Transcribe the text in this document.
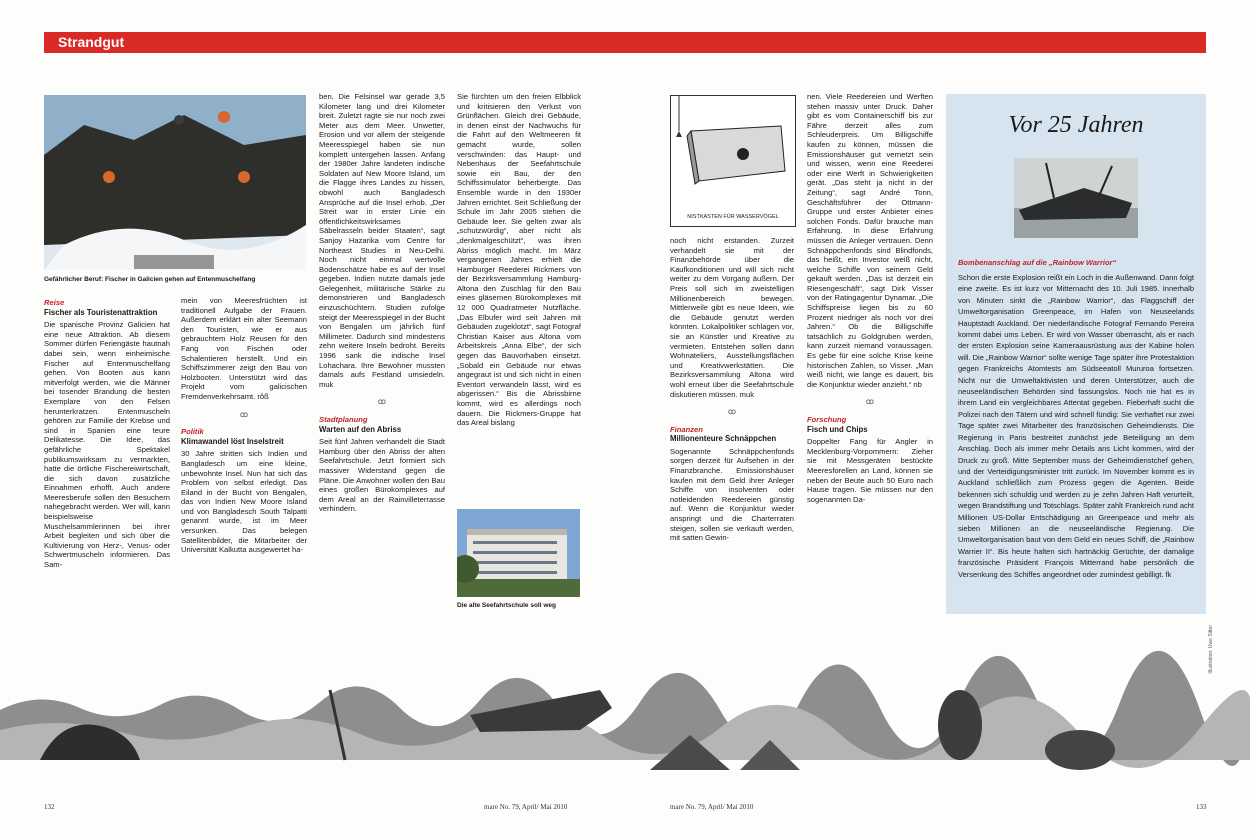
Strandgut
Gefährlicher Beruf: Fischer in Galicien gehen auf Entenmuschelfang
Reise
Fischer als Touristenattraktion

Die spanische Provinz Galicien hat eine neue Attraktion. Ab diesem Sommer dürfen Feriengäste hautnah dabei sein, wenn einheimische Fischer auf Entenmuschelfang gehen. Von Booten aus kann mitverfolgt werden, wie die Männer bei tosender Brandung die besten Exemplare von den Felsen herunterkratzen. Entenmuscheln gehören zur Familie der Krebse und sind in Spanien eine teure Delikatesse. Die Idee, das gefährliche Spektakel publikumswirksam zu vermarkten, hatte die örtliche Fischereiwirtschaft, die sich davon zusätzliche Einnahmen erhofft. Auch andere Meeresberufe sollen den Besuchern nahegebracht werden. Wer will, kann beispielsweise Muschelsammlerinnen bei ihrer Arbeit begleiten und sich über die Kultivierung von Herz-, Venus- oder Schwertmuscheln informieren. Das Sam-

mein von Meeresfrüchten ist traditionell Aufgabe der Frauen. Außerdem erklärt ein alter Seemann den Touristen, wie er aus gebrauchtem Holz Reusen für den Fang von Fischen oder Schalentieren herstellt. Und ein Schiffszimmerer zeigt den Bau von Holzbooten. Unterstützt wird das Projekt vom galicischen Fremdenverkehrsamt. rôß

ꝏ
Politik
Klimawandel löst Inselstreit

30 Jahre stritten sich Indien und Bangladesch um eine kleine, unbewohnte Insel. Nun hat sich das Problem von selbst erledigt. Das Eiland in der Bucht von Bengalen, das von Indien New Moore Island und von Bangladesch South Talpatti genannt wurde, ist im Meer versunken. Das belegen Satellitenbilder, die Mitarbeiter der Universität Kalkutta ausgewertet ha-

ben. Die Felsinsel war gerade 3,5 Kilometer lang und drei Kilometer breit. Zuletzt ragte sie nur noch zwei Meter aus dem Meer. Unwetter, Erosion und vor allem der steigende Meeresspiegel haben sie nun komplett untergehen lassen. Anfang der 1980er Jahre landeten indische Soldaten auf New Moore Island, um die Flagge ihres Landes zu hissen, obwohl auch Bangladesch Ansprüche auf die Insel erhob. „Der Streit war in erster Linie ein öffentlichkeitswirksames Säbelrasseln beider Staaten“, sagt Sanjoy Hazarika vom Centre for Northeast Studies in Neu-Delhi. Noch nicht einmal wertvolle Bodenschätze habe es auf der Insel gegeben. Indien nutzte damals jede Gelegenheit, militärische Stärke zu demonstrieren und Bangladesch einzuschüchtern. Studien zufolge steigt der Meeresspiegel in der Bucht von Bengalen um jährlich fünf Millimeter. Dadurch sind mindestens zehn weitere Inseln bedroht. Bereits 1996 sank die indische Insel Lohachara. Ihre Bewohner mussten damals aufs Festland umsiedeln. muk

ꝏ
Stadtplanung
Warten auf den Abriss

Seit fünf Jahren verhandelt die Stadt Hamburg über den Abriss der alten Seefahrtschule. Jetzt formiert sich massiver Widerstand gegen die Pläne. Die Anwohner wollen den Bau eines großen Bürokomplexes auf dem Areal an der Rainvilleterrasse verhindern.

Sie fürchten um den freien Elbblick und kritisieren den Verlust von Grünflächen. Gleich drei Gebäude, in denen einst der Nachwuchs für die Fahrt auf den Weltmeeren fit gemacht wurde, sollen verschwinden: das Haupt- und Nebenhaus der Seefahrtschule sowie ein Bau, der den Schiffssimulator beherbergte. Das Ensemble wurde in den 1930er Jahren errichtet. Seit Schließung der Schule im Jahr 2005 stehen die Gebäude leer. Sie gelten zwar als „schutzwürdig“, aber nicht als „denkmalgeschützt“, was ihren Abriss möglich macht. Im März vergangenen Jahres erhielt die Hamburger Reederei Rickmers von der Bezirksversammlung Hamburg-Altona den Zuschlag für den Bau eines gläsernen Bürokomplexes mit 12 000 Quadratmeter Nutzfläche. „Das Elbufer wird seit Jahren mit Gebäuden zugeklotzt“, sagt Fotograf Christian Kaiser aus Altona vom Arbeitskreis „Anna Elbe“, der sich gegen das Bauvorhaben einsetzt. „Sobald ein Gebäude nur etwas angegraut ist und sich nicht in einen Eventort verwandeln lässt, wird es abgerissen.“ Bis die Abrissbirne kommt, wird es allerdings noch dauern. Die Rickmers-Gruppe hat das Areal bislang

Die alte Seefahrtschule soll weg
NISTKASTEN FÜR WASSERVÖGEL

noch nicht erstanden. Zurzeit verhandelt sie mit der Finanzbehörde über die Kaufkonditionen und will sich nicht weiter zu dem Vorgang äußern. Der Preis soll sich im zweistelligen Millionenbereich bewegen. Mittlerweile gibt es neue Ideen, wie die Gebäude genutzt werden könnten. Lokalpolitiker schlagen vor, sie an Künstler und Kreative zu vermieten. Entstehen sollen dann Wohnateliers, Ausstellungsflächen und Kreativwerkstätten. Die Bezirksversammlung Altona wird wohl erneut über die Seefahrtschule diskutieren müssen. muk

ꝏ
Finanzen
Millionenteure Schnäppchen

Sogenannte Schnäppchenfonds sorgen derzeit für Aufsehen in der Finanzbranche. Emissionshäuser kaufen mit dem Geld ihrer Anleger Schiffe von insolventen oder notleidenden Reedereien günstig auf. Wenn die Konjunktur wieder anspringt und die Charterraten steigen, sollen sie verkauft werden, mit satten Gewin-

nen. Viele Reedereien und Werften stehen massiv unter Druck. Daher gibt es vom Containerschiff bis zur Fähre derzeit alles zum Schleuderpreis. Um Billigschiffe kaufen zu können, müssen die Emissionshäuser gut vernetzt sein und wissen, wenn eine Reederei oder eine Werft in Schwierigkeiten gerät. „Das steht ja nicht in der Zeitung“, sagt André Tonn, Geschäftsführer der Ottmann-Gruppe und erster Anbieter eines solchen Fonds. Dafür brauche man Erfahrung. In diese Erfahrung müssen die Anleger vertrauen. Denn Schnäppchenfonds sind Blindfonds, das heißt, ein Investor weiß nicht, welche Schiffe von seinem Geld gekauft werden. „Das ist derzeit ein Riesengeschäft“, sagt Dirk Visser von der Ratingagentur Dynamar. „Die Schiffspreise liegen bis zu 60 Prozent niedriger als noch vor drei Jahren.“ Ob die Billigschiffe tatsächlich zu Goldgruben werden, kann zurzeit niemand voraussagen. Es gebe für eine solche Krise keine historischen Zahlen, so Visser. „Man weiß nicht, wie lange es dauert, bis die Konjunktur wieder anzieht.“ nb

ꝏ
Forschung
Fisch und Chips

Doppelter Fang für Angler in Mecklenburg-Vorpommern: Zieher sie mit Messgeräten bestückte Meeresforellen an Land, können sie neben der Beute auch 50 Euro nach Hause tragen. Sie müssen nur den sogenannten Da-

Vor 25 Jahren
Bombenanschlag auf die „Rainbow Warrior“

Schon die erste Explosion reißt ein Loch in die Außenwand. Dann folgt eine zweite. Es ist kurz vor Mitternacht des 10. Juli 1985. Innerhalb von Minuten sinkt die „Rainbow Warrior“, das Flaggschiff der Umweltorganisation Greenpeace, im Hafen von Neuseelands Hauptstadt Auckland. Der niederländische Fotograf Fernando Pereira kommt dabei ums Leben. Er wird von Wasser überrascht, als er nach der ersten Explosion seine Kameraausrüstung aus der Kabine holen will. Die „Rainbow Warrior“ sollte wenige Tage später ihre Protestaktion gegen Frankreichs Atomtests am Südseeatoll Mururoa fortsetzen. Nicht nur die Umweltaktivisten und deren Unterstützer, auch die neuseeländischen Behörden sind fassungslos. Noch nie hat es in ihrem Land ein vergleichbares Attentat gegeben. Fieberhaft sucht die Polizei nach den Tätern und wird schnell fündig: Sie verhaftet nur zwei Tage später zwei Mitarbeiter des französischen Geheimdiensts. Die Regierung in Paris bestreitet zunächst jede Beteiligung an dem Anschlag. Doch als immer mehr Details ans Licht kommen, wird der Druck zu groß. Mitte September muss der Geheimdienstchef gehen, und der Verteidigungsminister tritt zurück. Im November kommt es in Auckland schließlich zum Prozess gegen die Agenten. Beide bekennen sich schuldig und werden zu je zehn Jahren Haft verurteilt, wegen Brandstiftung und Totschlags. Später zahlt Frankreich rund acht Millionen US-Dollar Entschädigung an Greenpeace und mehr als sieben Millionen an die neuseeländische Regierung. Die Umweltorganisation baut von dem Geld ein neues Schiff, die „Rainbow Warrier II“. Bis heute halten sich hartnäckig Gerüchte, der damalige französische Präsident François Mitterrand habe persönlich die Versenkung des Schiffes angeordnet oder zumindest gebilligt. fk

Illustration: Uwe Sitter
132	mare No. 79, April/ Mai 2010	mare No. 79, April/ Mai 2010	133
